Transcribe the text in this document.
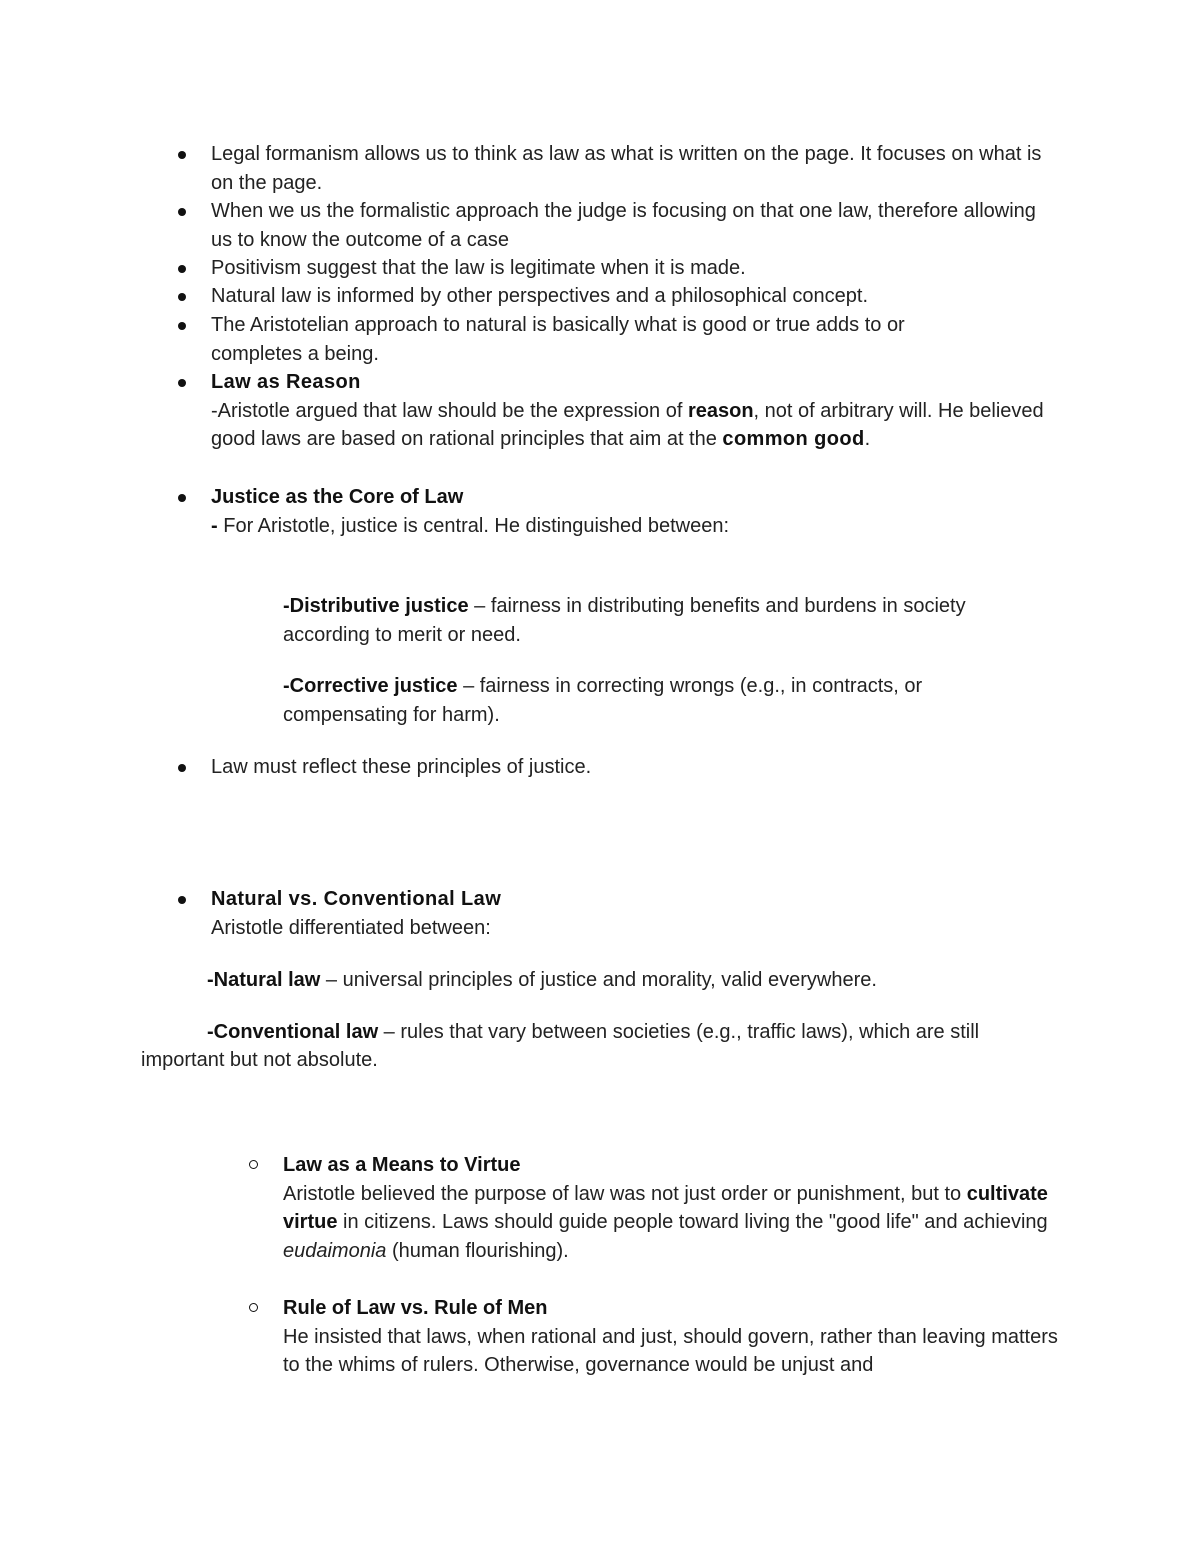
Legal formanism allows us to think as law as what is written on the page. It focuses on what is on the page.
When we us the formalistic approach the judge is focusing on that one law, therefore allowing us to know the outcome of a case
Positivism suggest that the law is legitimate when it is made.
Natural law is informed by other perspectives and a philosophical concept.
The Aristotelian approach to natural is basically what is good or true adds to or completes a being.
Law as Reason
-Aristotle argued that law should be the expression of reason, not of arbitrary will. He believed good laws are based on rational principles that aim at the common good.
Justice as the Core of Law
- For Aristotle, justice is central. He distinguished between:
-Distributive justice – fairness in distributing benefits and burdens in society according to merit or need.
-Corrective justice – fairness in correcting wrongs (e.g., in contracts, or compensating for harm).
Law must reflect these principles of justice.
Natural vs. Conventional Law
Aristotle differentiated between:
-Natural law – universal principles of justice and morality, valid everywhere.
-Conventional law – rules that vary between societies (e.g., traffic laws), which are still
important but not absolute.
Law as a Means to Virtue
Aristotle believed the purpose of law was not just order or punishment, but to cultivate virtue in citizens. Laws should guide people toward living the "good life" and achieving eudaimonia (human flourishing).
Rule of Law vs. Rule of Men
He insisted that laws, when rational and just, should govern, rather than leaving matters to the whims of rulers. Otherwise, governance would be unjust and
